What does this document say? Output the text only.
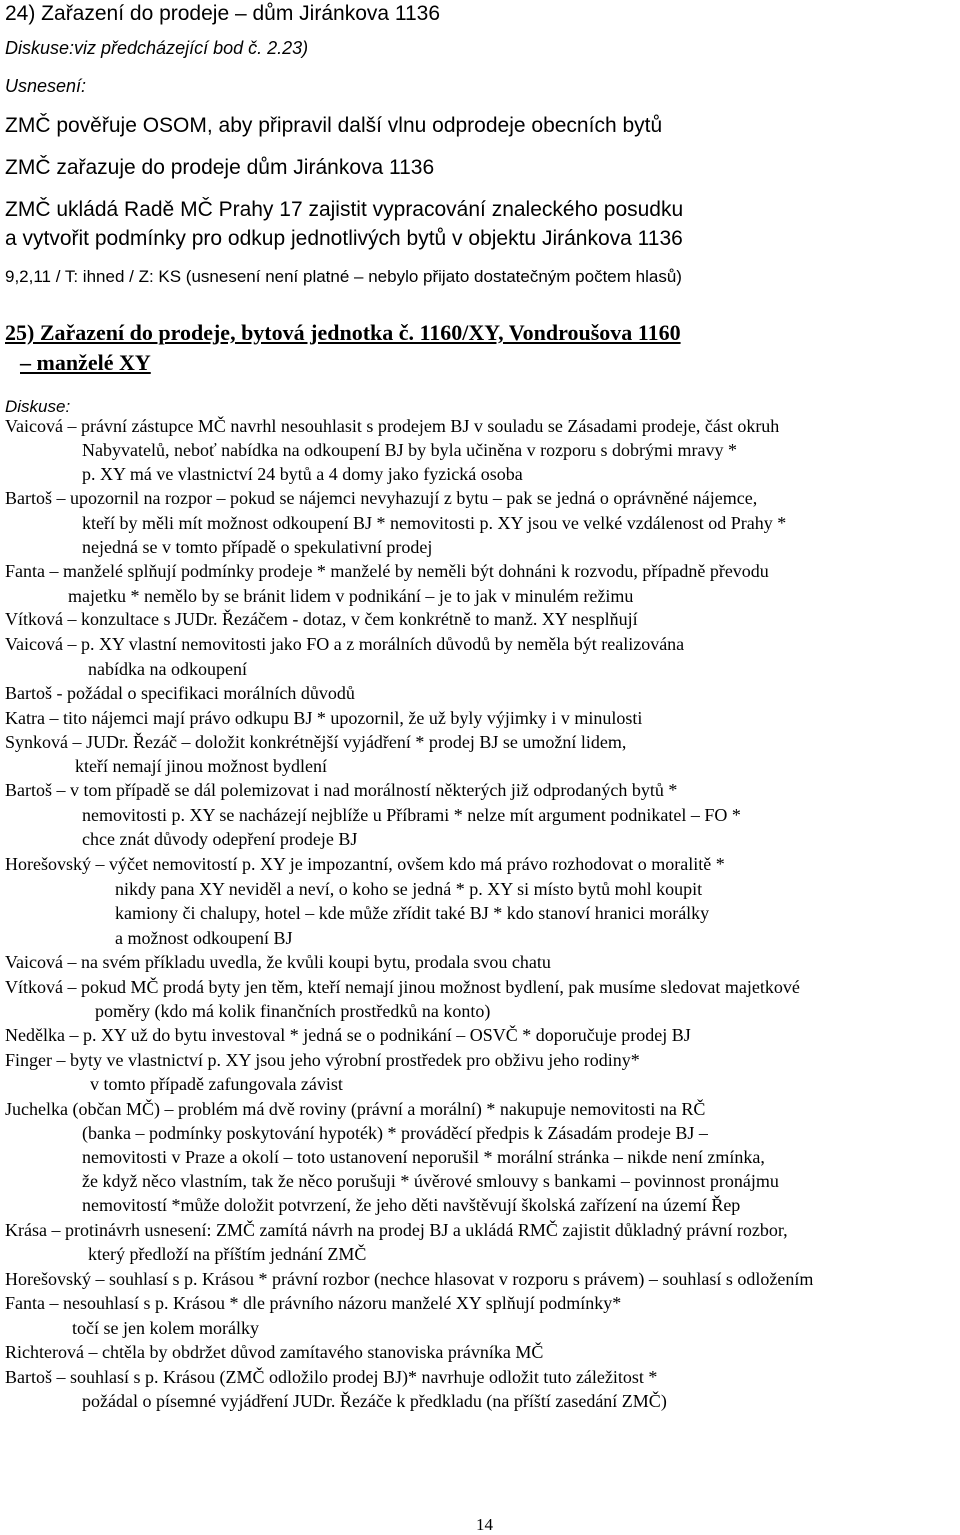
24) Zařazení do prodeje – dům Jiránkova 1136
Diskuse:viz předcházející bod č. 2.23)
Usnesení:
ZMČ pověřuje OSOM, aby připravil další vlnu odprodeje obecních bytů
ZMČ zařazuje do prodeje dům Jiránkova 1136
ZMČ ukládá Radě MČ Prahy 17 zajistit vypracování znaleckého posudku
a vytvořit podmínky pro odkup jednotlivých bytů v objektu Jiránkova 1136
9,2,11 / T: ihned / Z: KS (usnesení není platné – nebylo přijato dostatečným počtem hlasů)
25) Zařazení do prodeje, bytová jednotka č. 1160/XY, Vondroušova 1160
– manželé XY
Diskuse:
Vaicová – právní zástupce MČ navrhl nesouhlasit s prodejem BJ v souladu se Zásadami prodeje, část okruh
Nabyvatelů, neboť nabídka na odkoupení BJ by byla učiněna v rozporu s dobrými mravy *
p. XY má ve vlastnictví 24 bytů a 4 domy jako fyzická osoba
Bartoš – upozornil na rozpor – pokud se nájemci nevyhazují z bytu – pak se jedná o oprávněné nájemce,
kteří by měli mít možnost odkoupení BJ * nemovitosti p. XY jsou ve velké vzdálenost od Prahy *
nejedná se v tomto případě o spekulativní prodej
Fanta – manželé splňují podmínky prodeje * manželé by neměli být dohnáni k rozvodu, případně převodu
majetku * nemělo by se bránit lidem v podnikání – je to jak v minulém režimu
Vítková – konzultace s JUDr. Řezáčem - dotaz, v čem konkrétně to manž. XY nesplňují
Vaicová – p. XY vlastní nemovitosti jako FO a z morálních důvodů by neměla být realizována
nabídka na odkoupení
Bartoš - požádal o specifikaci morálních důvodů
Katra – tito nájemci mají právo odkupu BJ * upozornil, že už byly výjimky i v minulosti
Synková – JUDr. Řezáč – doložit konkrétnější vyjádření * prodej BJ se umožní lidem,
kteří nemají jinou možnost bydlení
Bartoš – v tom případě se dál polemizovat i nad morálností některých již odprodaných bytů *
nemovitosti p. XY se nacházejí nejblíže u Příbrami * nelze mít argument podnikatel – FO *
chce znát důvody odepření prodeje BJ
Horešovský – výčet nemovitostí p. XY je impozantní, ovšem kdo má právo rozhodovat o moralitě *
nikdy pana XY neviděl a neví, o koho se jedná * p. XY si místo bytů mohl koupit
kamiony či chalupy, hotel – kde může zřídit také BJ * kdo stanoví hranici morálky
a možnost odkoupení BJ
Vaicová – na svém příkladu uvedla, že kvůli koupi bytu, prodala svou chatu
Vítková – pokud MČ prodá byty jen těm, kteří nemají jinou možnost bydlení, pak musíme sledovat majetkové
poměry (kdo má kolik finančních prostředků na konto)
Nedělka – p. XY už do bytu investoval * jedná se o podnikání – OSVČ * doporučuje prodej BJ
Finger – byty ve vlastnictví p. XY jsou jeho výrobní prostředek pro obživu jeho rodiny*
v tomto případě zafungovala závist
Juchelka (občan MČ) – problém má dvě roviny (právní a morální) * nakupuje nemovitosti na RČ
(banka – podmínky poskytování hypoték) * prováděcí předpis k Zásadám prodeje BJ –
nemovitosti v Praze a okolí – toto ustanovení neporušil * morální stránka – nikde není zmínka,
že když něco vlastním, tak že něco porušuji * úvěrové smlouvy s bankami – povinnost pronájmu
nemovitostí *může doložit potvrzení, že jeho děti navštěvují školská zařízení na území Řep
Krása – protinávrh usnesení: ZMČ zamítá návrh na prodej BJ a ukládá RMČ zajistit důkladný právní rozbor,
který předloží na příštím jednání ZMČ
Horešovský – souhlasí s p. Krásou * právní rozbor (nechce hlasovat v rozporu s právem) – souhlasí s odložením
Fanta – nesouhlasí s p. Krásou * dle právního názoru manželé XY splňují podmínky*
točí se jen kolem morálky
Richterová – chtěla by obdržet důvod zamítavého stanoviska právníka MČ
Bartoš – souhlasí s p. Krásou (ZMČ odložilo prodej BJ)* navrhuje odložit tuto záležitost *
požádal o písemné vyjádření JUDr. Řezáče k předkladu (na příští zasedání ZMČ)
14
